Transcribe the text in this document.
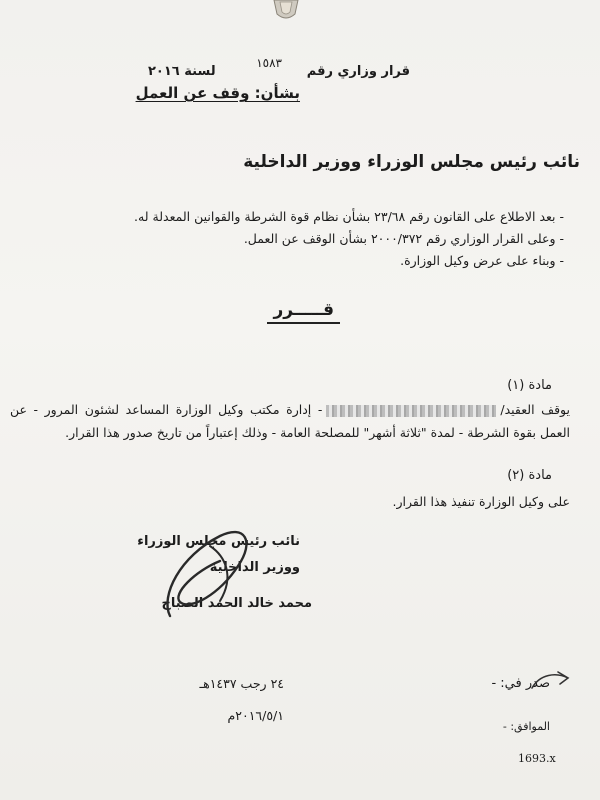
قرار وزاري رقم
١٥٨٣
لسنة ٢٠١٦
بشأن: وقف عن العمل
نائب رئيس مجلس الوزراء ووزير الداخلية
- بعد الاطلاع على القانون رقم ٢٣/٦٨ بشأن نظام قوة الشرطة والقوانين المعدلة له.
- وعلى القرار الوزاري رقم ٢٠٠٠/٣٧٢ بشأن الوقف عن العمل.
- وبناء على عرض وكيل الوزارة.
قـــــرر
مادة (١)
يوقف العقيد/- إدارة مكتب وكيل الوزارة المساعد لشئون المرور - عن العمل بقوة الشرطة - لمدة "ثلاثة أشهر" للمصلحة العامة - وذلك إعتباراً من تاريخ صدور هذا القرار.
مادة (٢)
على وكيل الوزارة تنفيذ هذا القرار.
نائب رئيس مجلس الوزراء
ووزير الداخلية
محمد خالد الحمد الصباح
صدر في: -
٢٤ رجب ١٤٣٧هـ
الموافق: -
٢٠١٦/٥/١م
1693.x
